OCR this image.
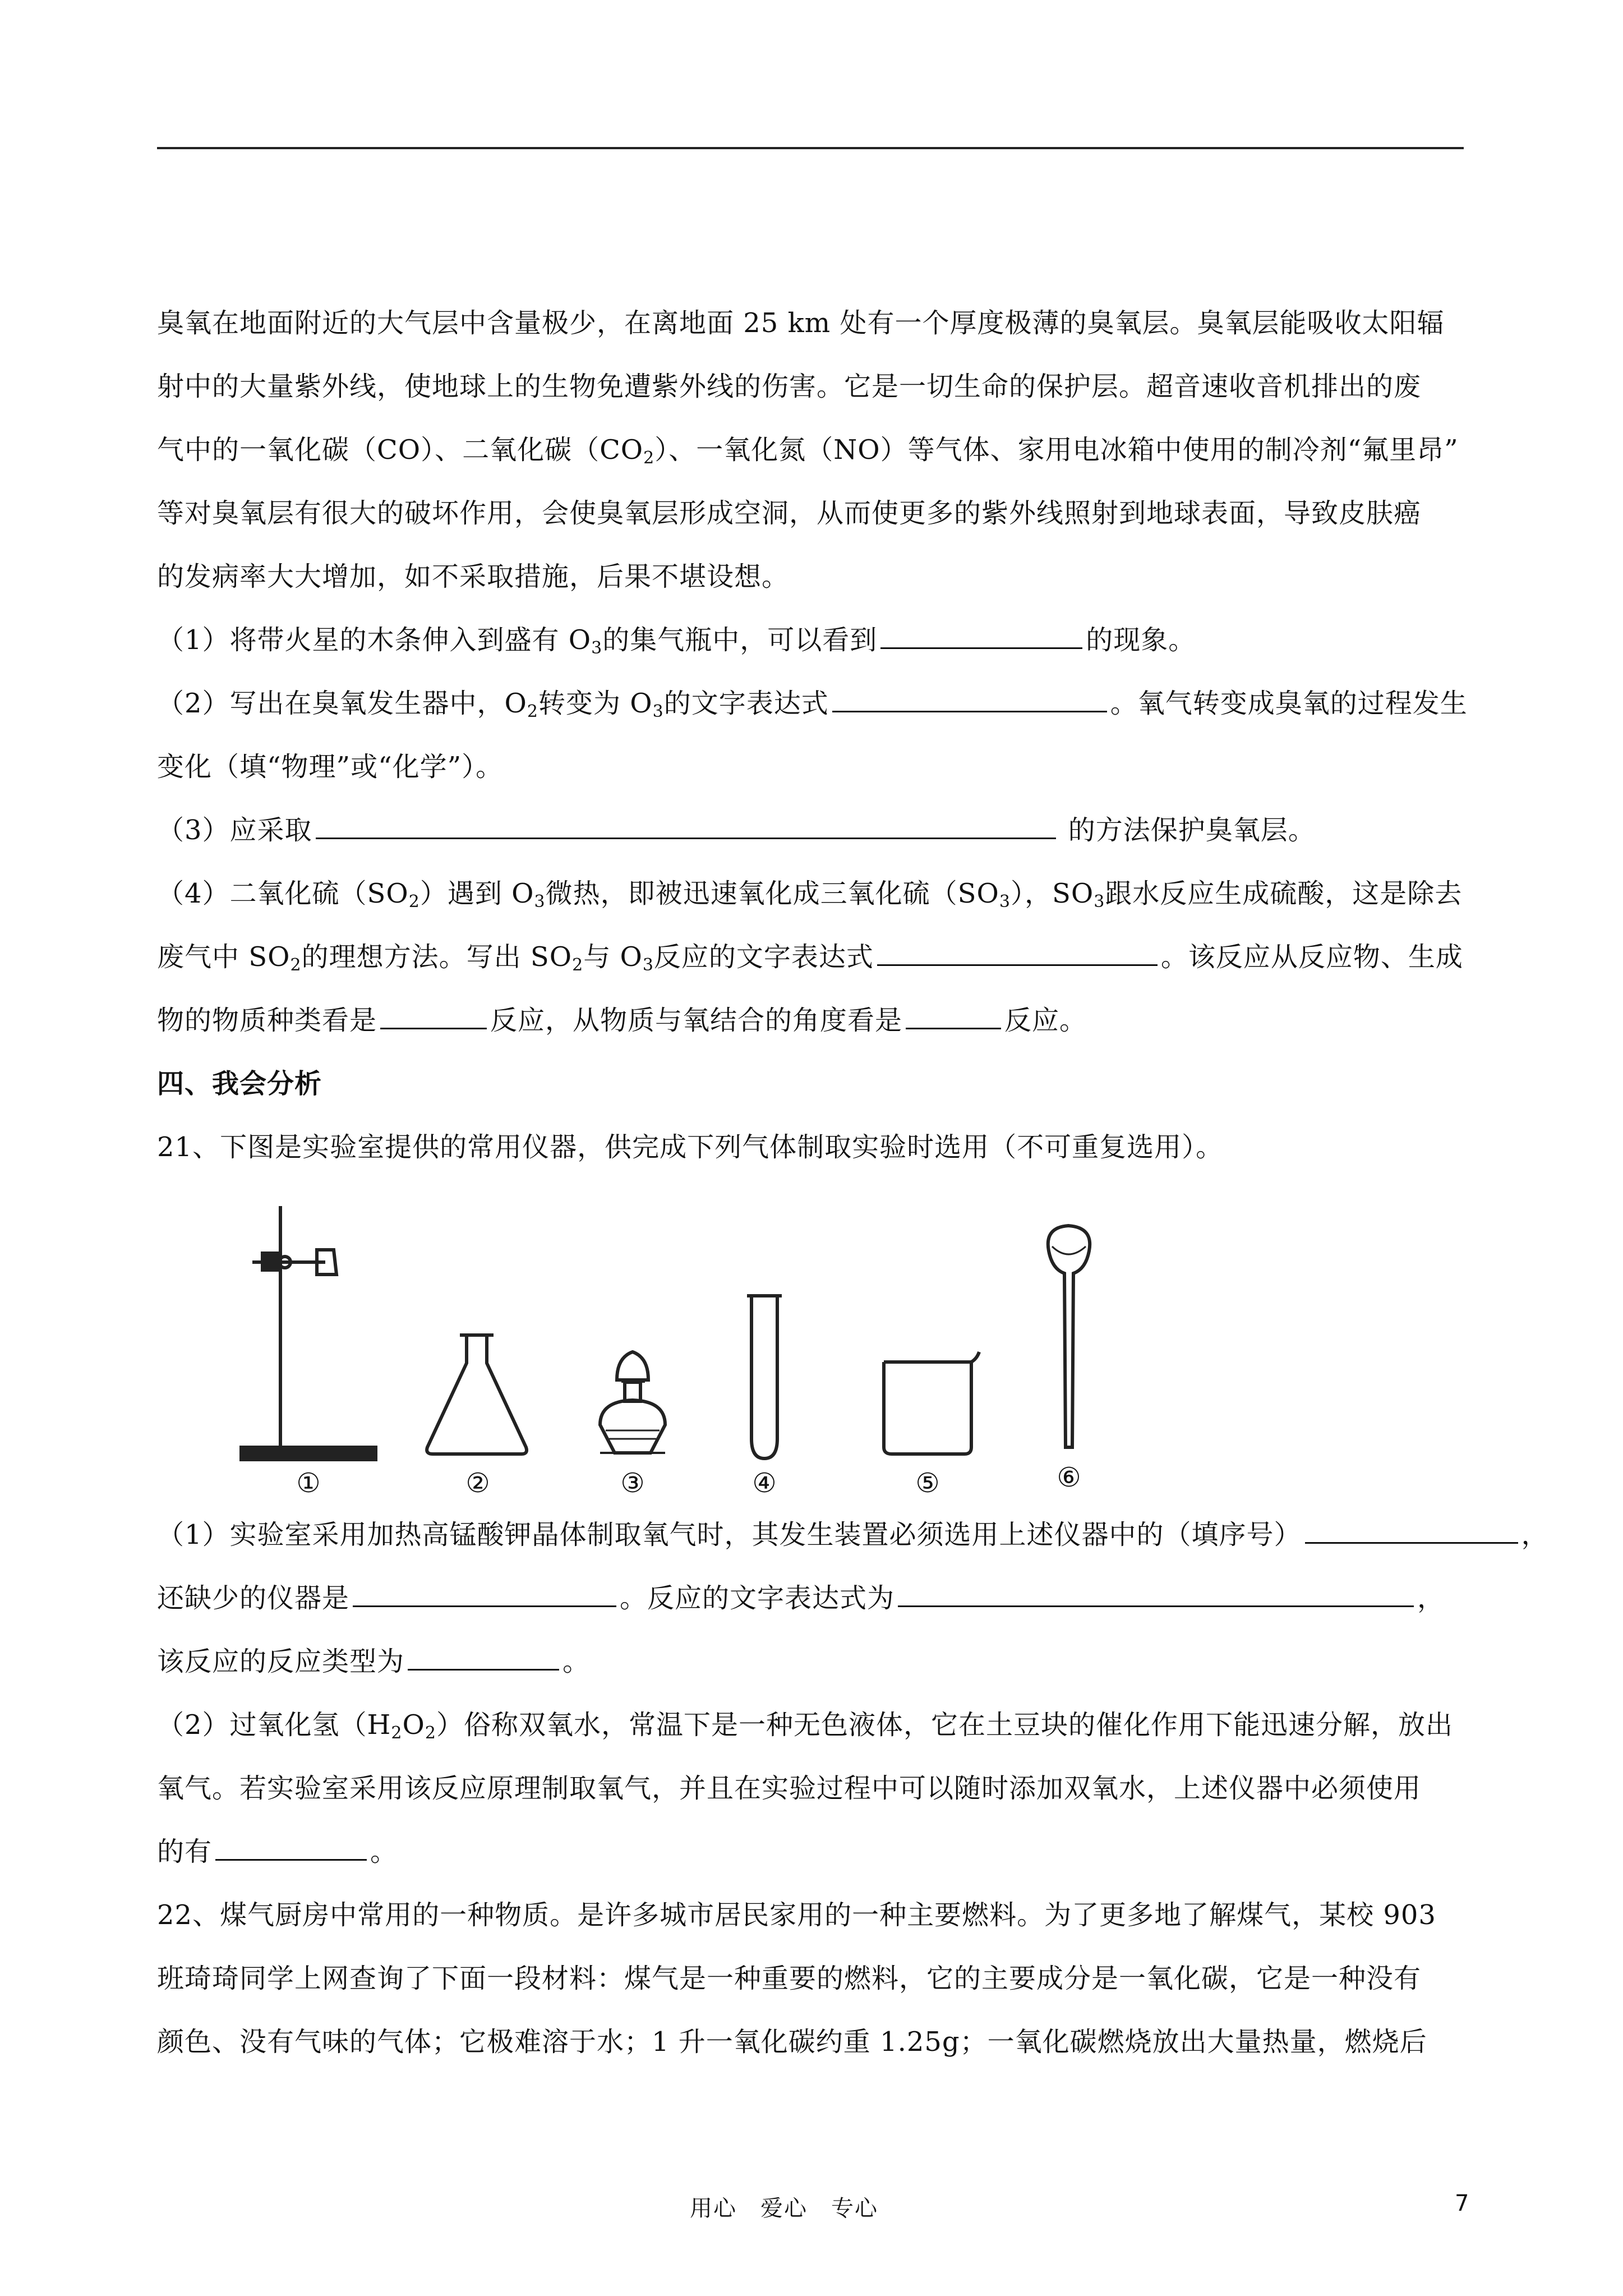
臭氧在地面附近的大气层中含量极少，在离地面 25 km 处有一个厚度极薄的臭氧层。臭氧层能吸收太阳辐

射中的大量紫外线，使地球上的生物免遭紫外线的伤害。它是一切生命的保护层。超音速收音机排出的废

气中的一氧化碳（CO）、二氧化碳$(CO_2)$、一氧化氮（NO）等气体、家用电冰箱中使用的制冷剂“氟里昂”

等对臭氧层有很大的破坏作用，会使臭氧层形成空洞，从而使更多的紫外线照射到地球表面，导致皮肤癌

的发病率大大增加，如不采取措施，后果不堪设想。

（1）将带火星的木条伸入到盛有 $O_3$的集气瓶中，可以看到	的现象。

（2）写出在臭氧发生器中，$O_2$转变为 $O_3$的文字表达式	。氧气转变成臭氧的过程发生

变化（填“物理”或“化学”）。

（3）应采取	的方法保护臭氧层。

（4）二氧化硫$(SO_2)$遇到 $O_3$微热，即被迅速氧化成三氧化硫$(SO_3)$，$SO_3$跟水反应生成硫酸，这是除去

废气中 $SO_2$的理想方法。写出 $SO_2$与 $O_3$反应的文字表达式	。该反应从反应物、生成

物的物质种类看是	反应，从物质与氧结合的角度看是	反应。

四、我会分析

21、下图是实验室提供的常用仪器，供完成下列气体制取实验时选用（不可重复选用）。

①	②	③	④	⑤	⑥

（1）实验室采用加热高锰酸钾晶体制取氧气时，其发生装置必须选用上述仪器中的（填序号）	，

还缺少的仪器是	。反应的文字表达式为	，

该反应的反应类型为	。

（2）过氧化氢$(H_2O_2)$俗称双氧水，常温下是一种无色液体，它在土豆块的催化作用下能迅速分解，放出

氧气。若实验室采用该反应原理制取氧气，并且在实验过程中可以随时添加双氧水，上述仪器中必须使用

的有	。

22、煤气厨房中常用的一种物质。是许多城市居民家用的一种主要燃料。为了更多地了解煤气，某校 903

班琦琦同学上网查询了下面一段材料：煤气是一种重要的燃料，它的主要成分是一氧化碳，它是一种没有

颜色、没有气味的气体；它极难溶于水；1 升一氧化碳约重 1.25g；一氧化碳燃烧放出大量热量，燃烧后

用心　爱心　专心	7
